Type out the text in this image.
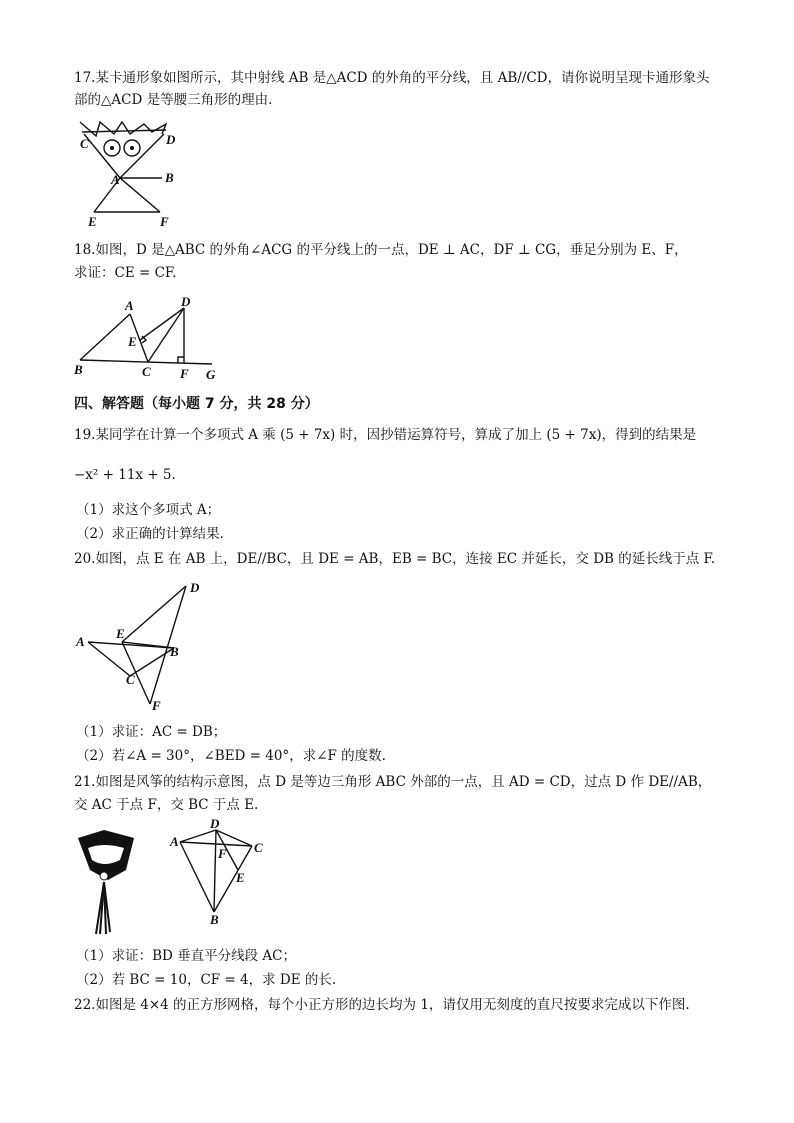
17.某卡通形象如图所示，其中射线 AB 是△ACD 的外角的平分线，且 AB//CD，请你说明呈现卡通形象头
部的△ACD 是等腰三角形的理由.
C	D
A	B
E	F
18.如图，D 是△ABC 的外角∠ACG 的平分线上的一点，DE ⊥ AC，DF ⊥ CG，垂足分别为 E、F，
求证：CE = CF.
A	D
E
B	C F G
四、解答题（每小题 7 分，共 28 分）
19.某同学在计算一个多项式 A 乘 (5 + 7x) 时，因抄错运算符号，算成了加上 (5 + 7x)，得到的结果是
−x² + 11x + 5.
（1）求这个多项式 A；
（2）求正确的计算结果.
20.如图，点 E 在 AB 上，DE//BC，且 DE = AB，EB = BC，连接 EC 并延长，交 DB 的延长线于点 F.
D
A
E
B
C
F
（1）求证：AC = DB；
（2）若∠A = 30°，∠BED = 40°，求∠F 的度数.
21.如图是风筝的结构示意图，点 D 是等边三角形 ABC 外部的一点，且 AD = CD，过点 D 作 DE//AB，
交 AC 于点 F，交 BC 于点 E.
D
A	C
F
E
B
（1）求证：BD 垂直平分线段 AC；
（2）若 BC = 10，CF = 4，求 DE 的长.
22.如图是 4×4 的正方形网格，每个小正方形的边长均为 1，请仅用无刻度的直尺按要求完成以下作图.
